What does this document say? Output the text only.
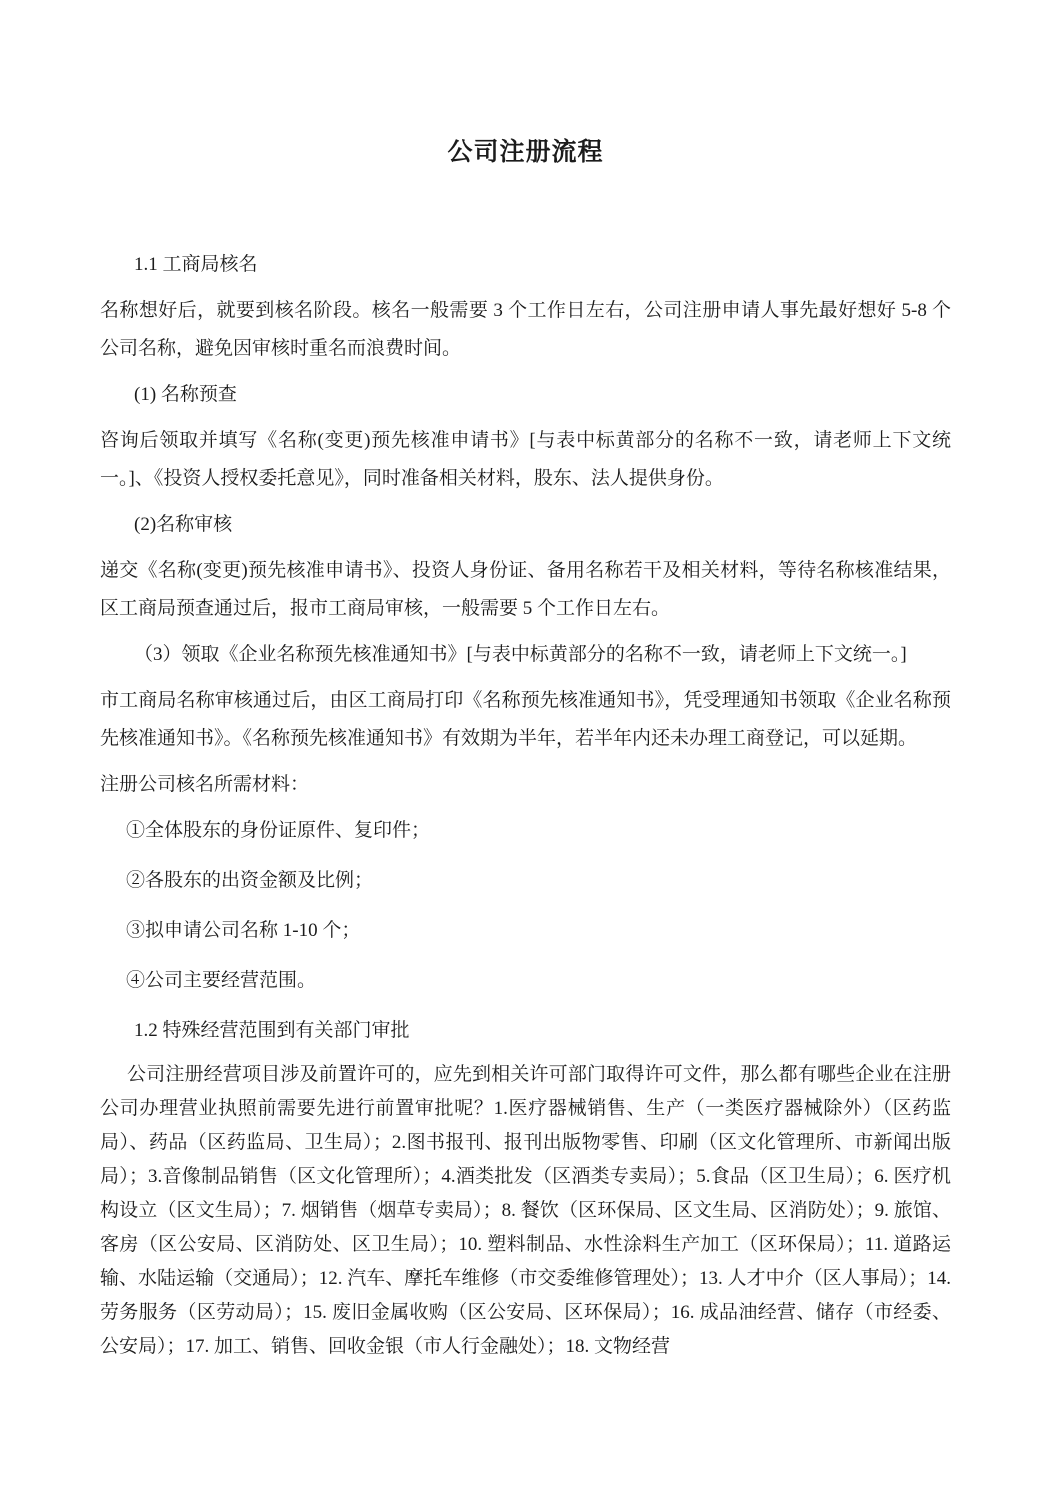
公司注册流程
1.1 工商局核名

名称想好后，就要到核名阶段。核名一般需要 3 个工作日左右，公司注册申请人事先最好想好 5-8 个公司名称，避免因审核时重名而浪费时间。

(1) 名称预查

咨询后领取并填写《名称(变更)预先核准申请书》[与表中标黄部分的名称不一致，请老师上下文统一。]、《投资人授权委托意见》，同时准备相关材料，股东、法人提供身份。

(2)名称审核

递交《名称(变更)预先核准申请书》、投资人身份证、备用名称若干及相关材料，等待名称核准结果，区工商局预查通过后，报市工商局审核，一般需要 5 个工作日左右。

（3）领取《企业名称预先核准通知书》[与表中标黄部分的名称不一致，请老师上下文统一。]

市工商局名称审核通过后，由区工商局打印《名称预先核准通知书》，凭受理通知书领取《企业名称预先核准通知书》。《名称预先核准通知书》有效期为半年，若半年内还未办理工商登记，可以延期。

注册公司核名所需材料：

①全体股东的身份证原件、复印件；
②各股东的出资金额及比例；
③拟申请公司名称 1-10 个；
④公司主要经营范围。
1.2 特殊经营范围到有关部门审批

公司注册经营项目涉及前置许可的，应先到相关许可部门取得许可文件，那么都有哪些企业在注册公司办理营业执照前需要先进行前置审批呢？1.医疗器械销售、生产（一类医疗器械除外）（区药监局）、药品（区药监局、卫生局）；2.图书报刊、报刊出版物零售、印刷（区文化管理所、市新闻出版局）；3.音像制品销售（区文化管理所）；4.酒类批发（区酒类专卖局）；5.食品（区卫生局）；6. 医疗机构设立（区文生局）；7. 烟销售（烟草专卖局）；8. 餐饮（区环保局、区文生局、区消防处）；9. 旅馆、客房（区公安局、区消防处、区卫生局）；10. 塑料制品、水性涂料生产加工（区环保局）；11. 道路运输、水陆运输（交通局）；12. 汽车、摩托车维修（市交委维修管理处）；13. 人才中介（区人事局）；14. 劳务服务（区劳动局）；15. 废旧金属收购（区公安局、区环保局）；16. 成品油经营、储存（市经委、公安局）；17. 加工、销售、回收金银（市人行金融处）；18. 文物经营
